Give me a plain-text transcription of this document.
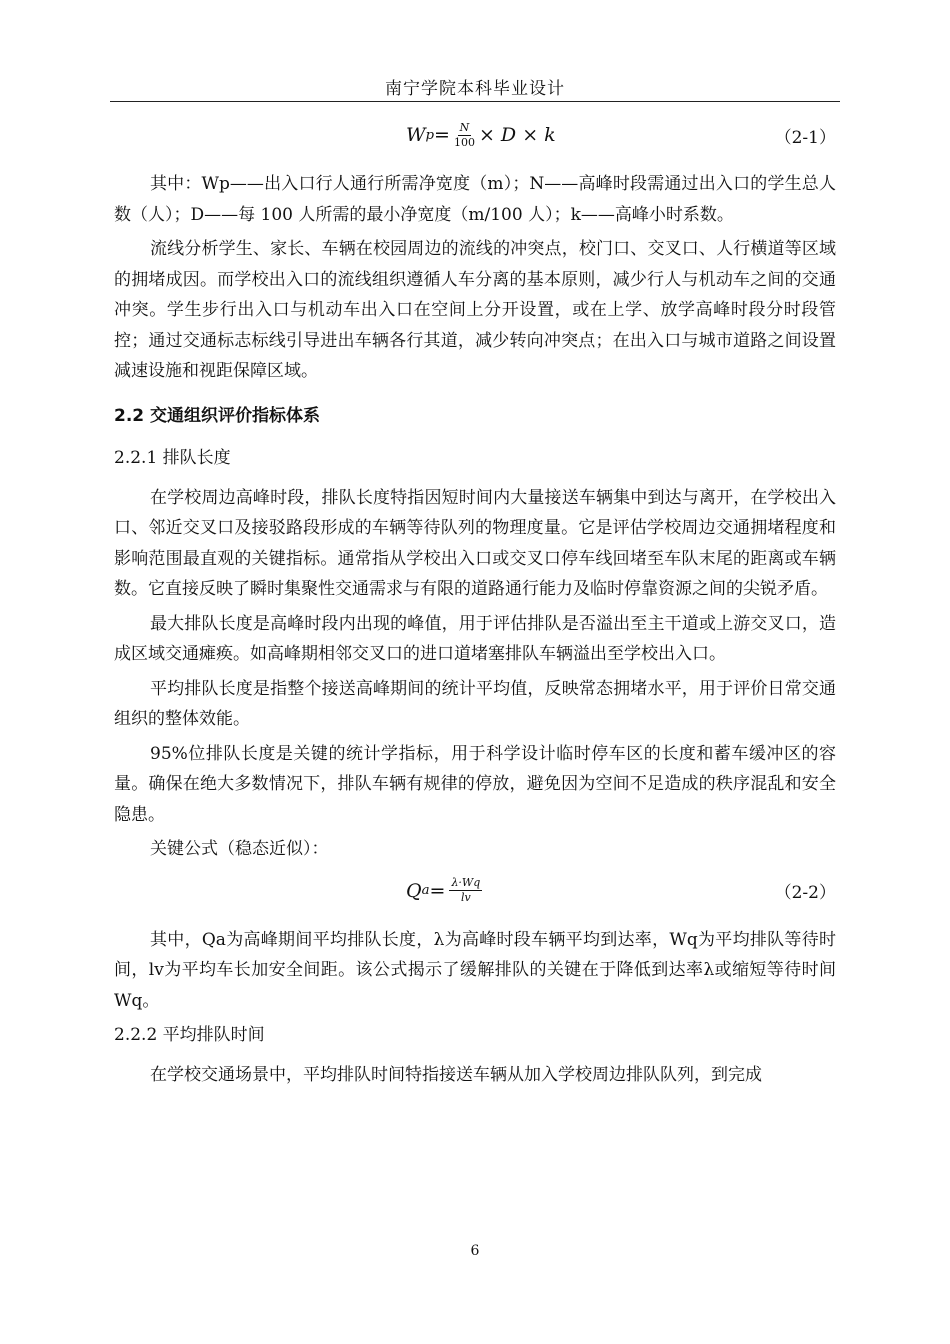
南宁学院本科毕业设计
W $p = \frac{N}{100} \times D \times k$	（2-1）

其中：Wp——出入口行人通行所需净宽度（m）；N——高峰时段需通过出入口的学生总人数（人）；D——每 100 人所需的最小净宽度（m/100 人）；k——高峰小时系数。

流线分析学生、家长、车辆在校园周边的流线的冲突点，校门口、交叉口、人行横道等区域的拥堵成因。而学校出入口的流线组织遵循人车分离的基本原则，减少行人与机动车之间的交通冲突。学生步行出入口与机动车出入口在空间上分开设置，或在上学、放学高峰时段分时段管控；通过交通标志标线引导进出车辆各行其道，减少转向冲突点；在出入口与城市道路之间设置减速设施和视距保障区域。

2.2 交通组织评价指标体系
2.2.1 排队长度

在学校周边高峰时段，排队长度特指因短时间内大量接送车辆集中到达与离开，在学校出入口、邻近交叉口及接驳路段形成的车辆等待队列的物理度量。它是评估学校周边交通拥堵程度和影响范围最直观的关键指标。通常指从学校出入口或交叉口停车线回堵至车队末尾的距离或车辆数。它直接反映了瞬时集聚性交通需求与有限的道路通行能力及临时停靠资源之间的尖锐矛盾。

最大排队长度是高峰时段内出现的峰值，用于评估排队是否溢出至主干道或上游交叉口，造成区域交通瘫痪。如高峰期相邻交叉口的进口道堵塞排队车辆溢出至学校出入口。

平均排队长度是指整个接送高峰期间的统计平均值，反映常态拥堵水平，用于评价日常交通组织的整体效能。

95%位排队长度是关键的统计学指标，用于科学设计临时停车区的长度和蓄车缓冲区的容量。确保在绝大多数情况下，排队车辆有规律的停放，避免因为空间不足造成的秩序混乱和安全隐患。

关键公式（稳态近似）：

Q $a = \frac{\lambda\cdot Wq}{lv}$	（2-2）

其中，Qa为高峰期间平均排队长度，λ为高峰时段车辆平均到达率，Wq为平均排队等待时间，lv为平均车长加安全间距。该公式揭示了缓解排队的关键在于降低到达率λ或缩短等待时间Wq。

2.2.2 平均排队时间

在学校交通场景中，平均排队时间特指接送车辆从加入学校周边排队队列，到完成

6
